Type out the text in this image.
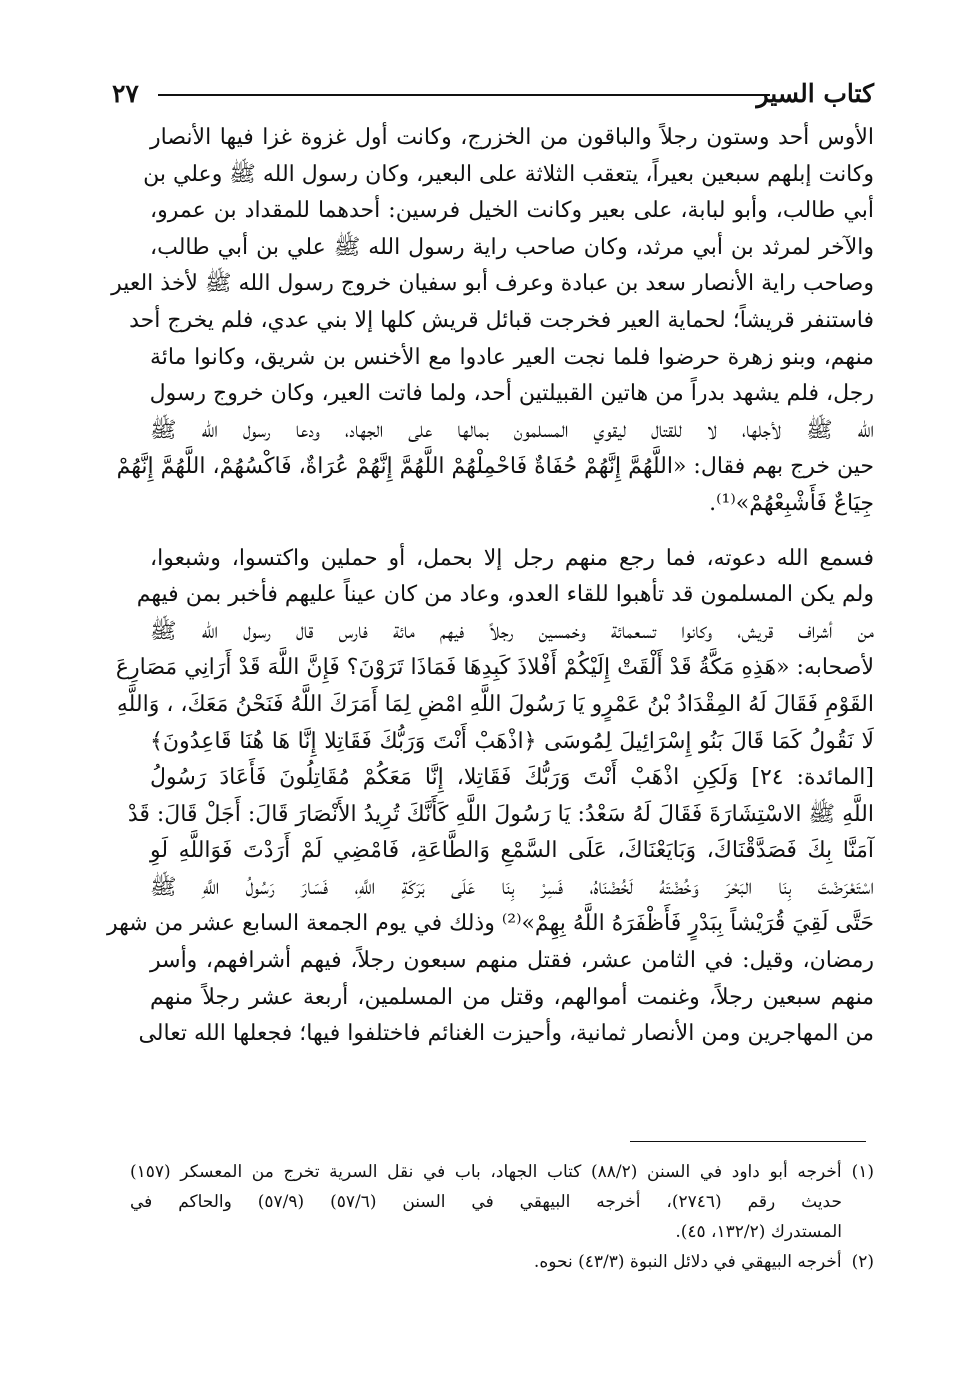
كتاب السير
٢٧
الأوس أحد وستون رجلاً والباقون من الخزرج، وكانت أول غزوة غزا فيها الأنصار
وكانت إبلهم سبعين بعيراً، يتعقب الثلاثة على البعير، وكان رسول الله ﷺ وعلي بن
أبي طالب، وأبو لبابة، على بعير وكانت الخيل فرسين: أحدهما للمقداد بن عمرو،
والآخر لمرثد بن أبي مرثد، وكان صاحب راية رسول الله ﷺ علي بن أبي طالب،
وصاحب راية الأنصار سعد بن عبادة وعرف أبو سفيان خروج رسول الله ﷺ لأخذ العير
فاستنفر قريشاً؛ لحماية العير فخرجت قبائل قريش كلها إلا بني عدي، فلم يخرج أحد
منهم، وبنو زهرة حرضوا فلما نجت العير عادوا مع الأخنس بن شريق، وكانوا مائة
رجل، فلم يشهد بدراً من هاتين القبيلتين أحد، ولما فاتت العير، وكان خروج رسول
الله ﷺ لأجلها، لا للقتال ليقوي المسلمون بمالها على الجهاد، ودعا رسول الله ﷺ
حين خرج بهم فقال: «اللَّهُمَّ إِنَّهُمْ حُفَاةٌ فَاحْمِلْهُمْ اللَّهُمَّ إِنَّهُمْ عُرَاةٌ، فَاكْسُهُمْ، اللَّهُمَّ إِنَّهُمْ
جِيَاعٌ فَأَشْبِعْهُمْ»⁽¹⁾.
فسمع الله دعوته، فما رجع منهم رجل إلا بحمل، أو حملين واكتسوا، وشبعوا،
ولم يكن المسلمون قد تأهبوا للقاء العدو، وعاد من كان عيناً عليهم فأخبر بمن فيهم
من أشراف قريش، وكانوا تسعمائة وخمسين رجلاً فيهم مائة فارس قال رسول الله ﷺ
لأصحابه: «هَذِهِ مَكَّةُ قَدْ أَلْقَتْ إِلَيْكُمْ أَفْلاذَ كَبِدِهَا فَمَاذَا تَرَوْنَ؟ فَإِنَّ اللَّهَ قَدْ أَرَانِي مَصَارِعَ
القَوْمِ فَقَالَ لَهُ المِقْدَادُ بْنُ عَمْرٍو يَا رَسُولَ اللَّهِ امْضِ لِمَا أَمَرَكَ اللَّهُ فَنَحْنُ مَعَكَ، ، وَاللَّهِ
لَا نَقُولُ كَمَا قَالَ بَنُو إِسْرَائِيلَ لِمُوسَى ﴿اذْهَبْ أَنْتَ وَرَبُّكَ فَقَاتِلا إِنَّا هَا هُنَا قَاعِدُونَ﴾
[المائدة: ٢٤] وَلَكِنِ اذْهَبْ أَنْتَ وَرَبُّكَ فَقَاتِلا، إِنَّا مَعَكُمْ مُقَاتِلُونَ فَأَعَادَ رَسُولُ
اللَّهِ ﷺ الاسْتِشَارَةَ فَقَالَ لَهُ سَعْدُ: يَا رَسُولَ اللَّهِ كَأَنَّكَ تُرِيدُ الأَنْصَارَ قَالَ: أَجَلْ قَالَ: قَدْ
آمَنَّا بِكَ فَصَدَّقْنَاكَ، وَبَايَعْنَاكَ، عَلَى السَّمْعِ وَالطَّاعَةِ، فَامْضِي لَمْ أَرَدْتَ فَوَاللَّهِ لَوِ
اسْتَعْرَضْتَ بِنَا البَحْرَ وَخُضْتَهُ لَخُضْنَاهُ، فَسِرْ بِنَا عَلَى بَرَكَةِ اللَّهِ، فَسَارَ رَسُولُ اللَّهِ ﷺ
حَتَّى لَقِيَ قُرَيْشاً بِبَدْرٍ فَأَظْفَرَهُ اللَّهُ بِهِمْ»⁽²⁾ وذلك في يوم الجمعة السابع عشر من شهر
رمضان، وقيل: في الثامن عشر، فقتل منهم سبعون رجلاً، فيهم أشرافهم، وأسر
منهم سبعين رجلاً، وغنمت أموالهم، وقتل من المسلمين، أربعة عشر رجلاً منهم
من المهاجرين ومن الأنصار ثمانية، وأحيزت الغنائم فاختلفوا فيها؛ فجعلها الله تعالى
(١)أخرجه أبو داود في السنن (٨٨/٢) كتاب الجهاد، باب في نقل السرية تخرج من المعسكر (١٥٧)
حديث رقم (٢٧٤٦)، أخرجه البيهقي في السنن (٥٧/٦) (٥٧/٩) والحاكم في
المستدرك (١٣٢/٢، ٤٥).
(٢)أخرجه البيهقي في دلائل النبوة (٤٣/٣) نحوه.
